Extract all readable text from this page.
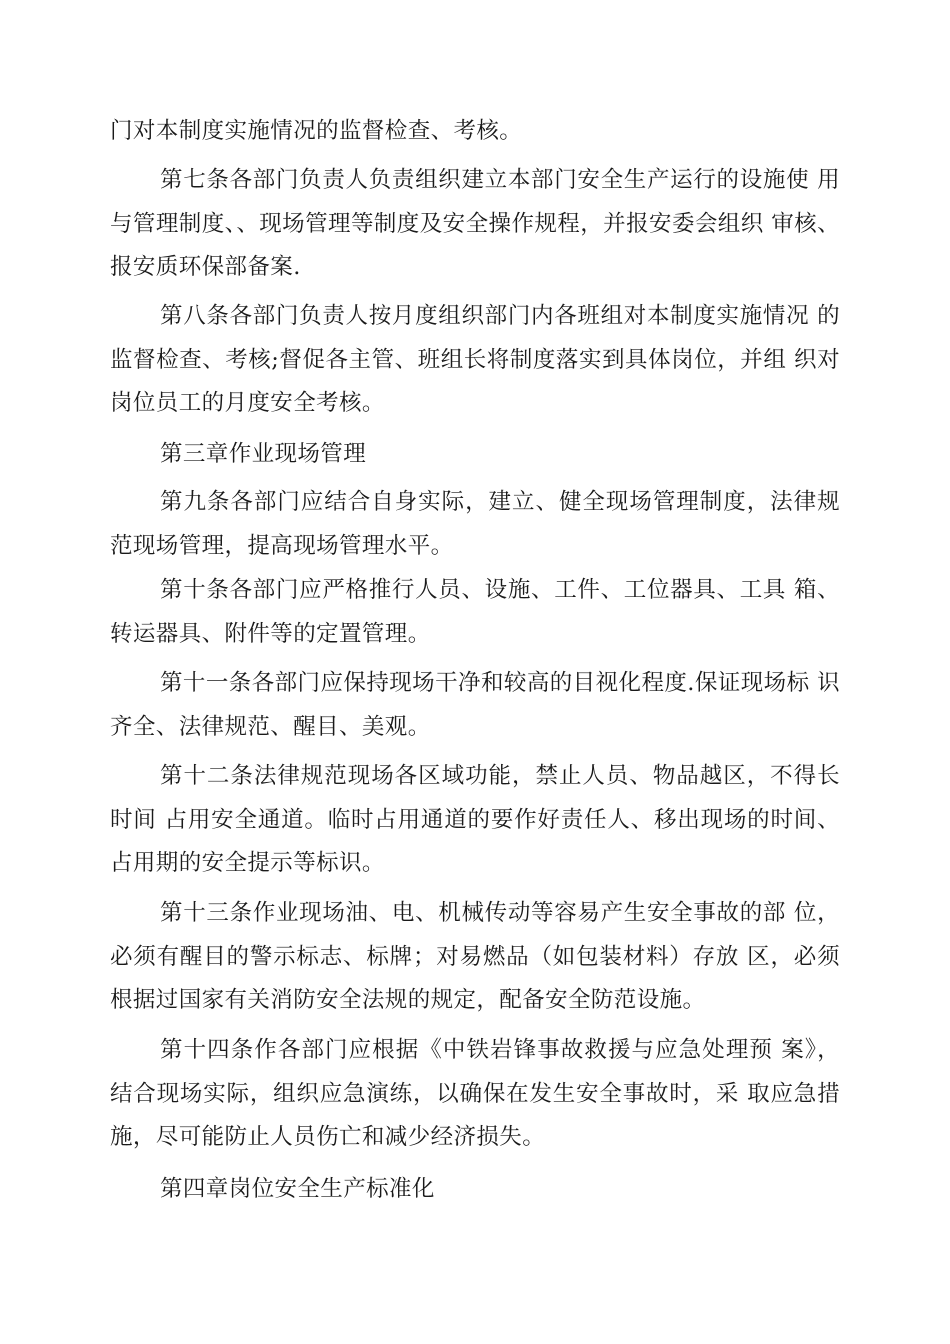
门对本制度实施情况的监督检查、考核。

第七条各部门负责人负责组织建立本部门安全生产运行的设施使 用与管理制度、、现场管理等制度及安全操作规程，并报安委会组织 审核、报安质环保部备案.

第八条各部门负责人按月度组织部门内各班组对本制度实施情况 的监督检查、考核;督促各主管、班组长将制度落实到具体岗位，并组 织对岗位员工的月度安全考核。

第三章作业现场管理

第九条各部门应结合自身实际，建立、健全现场管理制度，法律规范现场管理，提高现场管理水平。

第十条各部门应严格推行人员、设施、工件、工位器具、工具 箱、转运器具、附件等的定置管理。

第十一条各部门应保持现场干净和较高的目视化程度.保证现场标 识齐全、法律规范、醒目、美观。

第十二条法律规范现场各区域功能，禁止人员、物品越区，不得长时间 占用安全通道。临时占用通道的要作好责任人、移出现场的时间、占用期的安全提示等标识。

第十三条作业现场油、电、机械传动等容易产生安全事故的部 位，必须有醒目的警示标志、标牌；对易燃品（如包装材料）存放 区，必须根据过国家有关消防安全法规的规定，配备安全防范设施。

第十四条作各部门应根据《中铁岩锋事故救援与应急处理预 案》，结合现场实际，组织应急演练，以确保在发生安全事故时，采 取应急措施，尽可能防止人员伤亡和减少经济损失。

第四章岗位安全生产标准化
